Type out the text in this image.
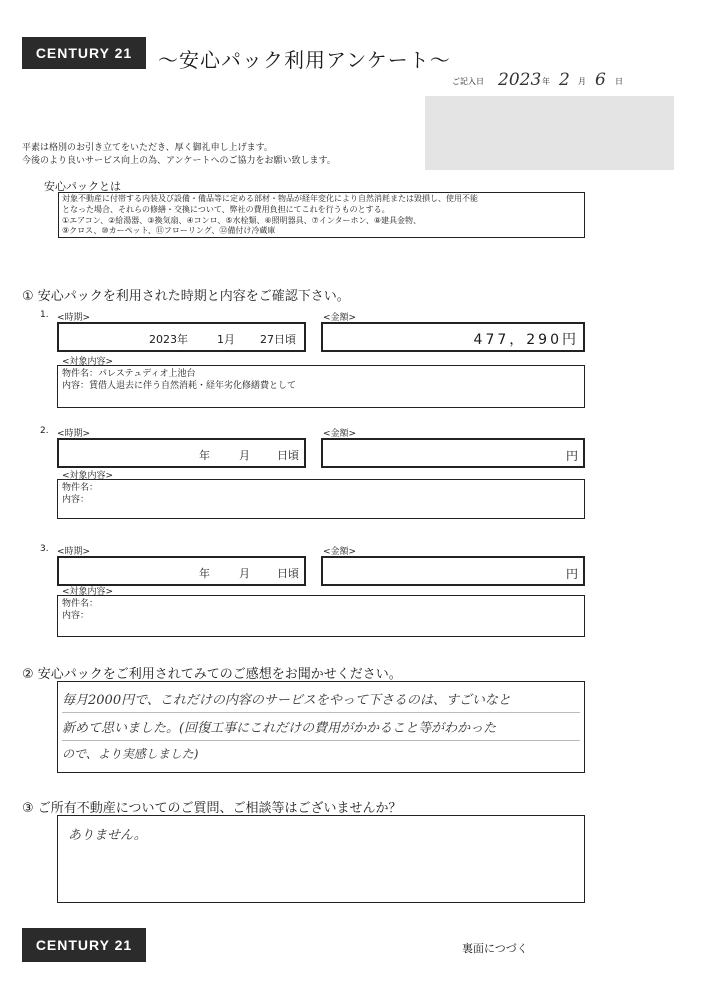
CENTURY 21	〜安心パック利用アンケート〜
ご記入日 2023 年 2 月 6 日
平素は格別のお引き立てをいただき、厚く御礼申し上げます。
今後のより良いサービス向上の為、アンケートへのご協力をお願い致します。
安心パックとは
対象不動産に付帯する内装及び設備・備品等に定める部材・物品が経年変化により自然消耗または毀損し、使用不能
となった場合、それらの修繕・交換について、弊社の費用負担にてこれを行うものとする。
①エアコン、②給湯器、③換気扇、④コンロ、⑤水栓類、⑥照明器具、⑦インターホン、⑧建具金物、
⑨クロス、⑩カーペット、⑪フローリング、⑫備付け冷蔵庫
① 安心パックを利用された時期と内容をご確認下さい。
1. <時期>	<金額>
2023年	1月 27日頃	477，290円
<対象内容>
物件名：パレステュディオ上池台
内容：賃借人退去に伴う自然消耗・経年劣化修繕費として
2. <時期>	<金額>
年	月 日頃	円
<対象内容>
物件名：
内容：
3. <時期>	<金額>
年	月 日頃	円
<対象内容>
物件名：
内容：
② 安心パックをご利用されてみてのご感想をお聞かせください。
毎月2000円で、これだけの内容のサービスをやって下さるのは、すごいなと
新めて思いました。(回復工事にこれだけの費用がかかること等がわかった
ので、より実感しました)
③ ご所有不動産についてのご質問、ご相談等はございませんか？
ありません。
CENTURY 21	裏面につづく
